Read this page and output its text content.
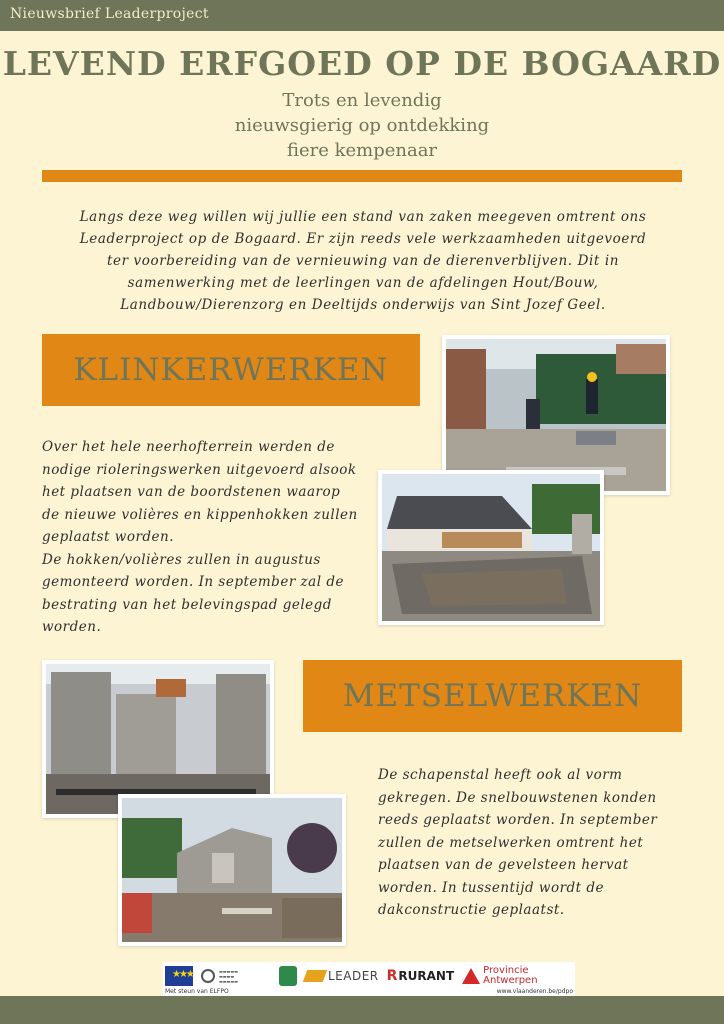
Nieuwsbrief Leaderproject
LEVEND ERFGOED OP DE BOGAARD
Trots en levendig
nieuwsgierig op ontdekking
fiere kempenaar
Langs deze weg willen wij jullie een stand van zaken meegeven omtrent ons Leaderproject op de Bogaard. Er zijn reeds vele werkzaamheden uitgevoerd ter voorbereiding van de vernieuwing van de dierenverblijven. Dit in samenwerking met de leerlingen van de afdelingen Hout/Bouw, Landbouw/Dierenzorg en Deeltijds onderwijs van Sint Jozef Geel.
KLINKERWERKEN
Over het hele neerhofterrein werden de nodige rioleringswerken uitgevoerd alsook het plaatsen van de boordstenen waarop de nieuwe volières en kippenhokken zullen geplaatst worden.
De hokken/volières zullen in augustus gemonteerd worden. In september zal de bestrating van het belevingspad gelegd worden.
METSELWERKEN
De schapenstal heeft ook al vorm gekregen. De snelbouwstenen konden reeds geplaatst worden. In september zullen de metselwerken omtrent het plaatsen van de gevelsteen hervat worden. In tussentijd wordt de dakconstructie geplaatst.
★★★	▬▬▬▬▬
▬▬▬▬
▬▬▬▬▬	LEADER R RURANT	Provincie
Antwerpen
Met steun van ELFPO	www.vlaanderen.be/pdpo
